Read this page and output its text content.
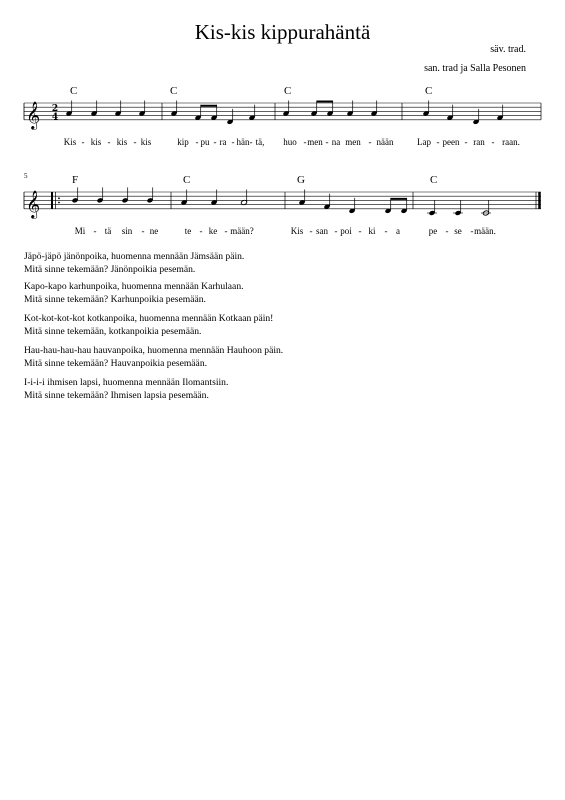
Kis-kis kippurahäntä
säv. trad.
san. trad ja Salla Pesonen
𝄞 2
4
C	C	C	C
Kis - kis - kis - kis	kip - pu - ra - hän - tä, huo - men - na men - nään	Lap - peen - ran - raan.
𝄞
5	F	C	G	C
Mi - tä sin - ne	te - ke - mään?	Kis - san - poi - ki - a	pe - se - mään.
Jäpö-jäpö jänönpoika, huomenna mennään Jämsään päin.
Mitä sinne tekemään? Jänönpoikia pesemän.
Kapo-kapo karhunpoika, huomenna mennään Karhulaan.
Mitä sinne tekemään? Karhunpoikia pesemään.
Kot-kot-kot-kot kotkanpoika, huomenna mennään Kotkaan päin!
Mitä sinne tekemään, kotkanpoikia pesemään.
Hau-hau-hau-hau hauvanpoika, huomenna mennään Hauhoon päin.
Mitä sinne tekemään? Hauvanpoikia pesemään.
I-i-i-i ihmisen lapsi, huomenna mennään Ilomantsiin.
Mitä sinne tekemään? Ihmisen lapsia pesemään.
